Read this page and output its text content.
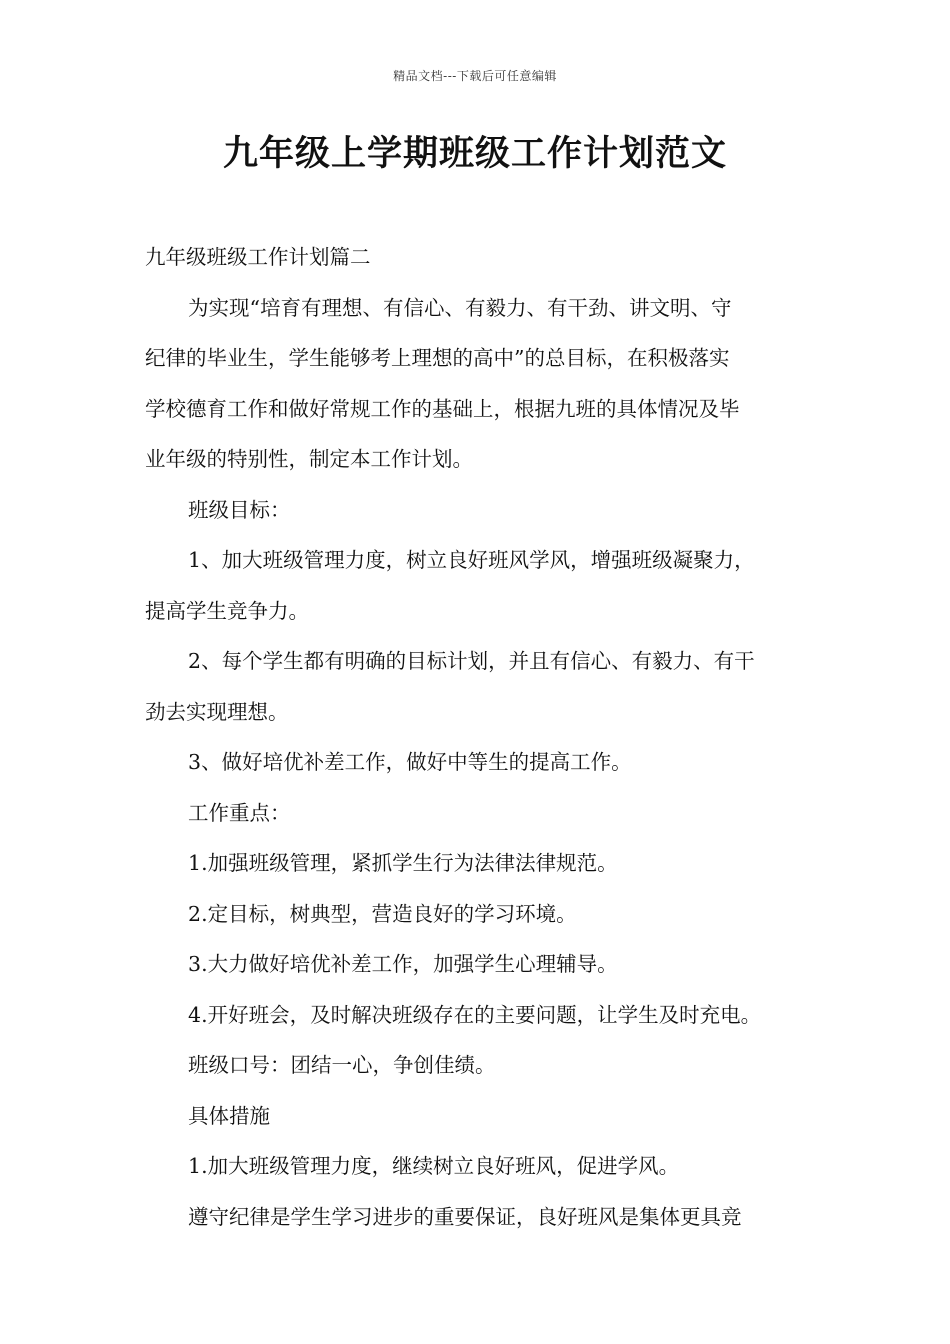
精品文档---下载后可任意编辑
九年级上学期班级工作计划范文

九年级班级工作计划篇二

为实现“培育有理想、有信心、有毅力、有干劲、讲文明、守
纪律的毕业生，学生能够考上理想的高中”的总目标，在积极落实
学校德育工作和做好常规工作的基础上，根据九班的具体情况及毕
业年级的特别性，制定本工作计划。

班级目标：

1、加大班级管理力度，树立良好班风学风，增强班级凝聚力，
提高学生竞争力。

2、每个学生都有明确的目标计划，并且有信心、有毅力、有干
劲去实现理想。

3、做好培优补差工作，做好中等生的提高工作。

工作重点：

1.加强班级管理，紧抓学生行为法律法律规范。

2.定目标，树典型，营造良好的学习环境。

3.大力做好培优补差工作，加强学生心理辅导。

4.开好班会，及时解决班级存在的主要问题，让学生及时充电。

班级口号：团结一心，争创佳绩。

具体措施

1.加大班级管理力度，继续树立良好班风，促进学风。

遵守纪律是学生学习进步的重要保证，良好班风是集体更具竞
